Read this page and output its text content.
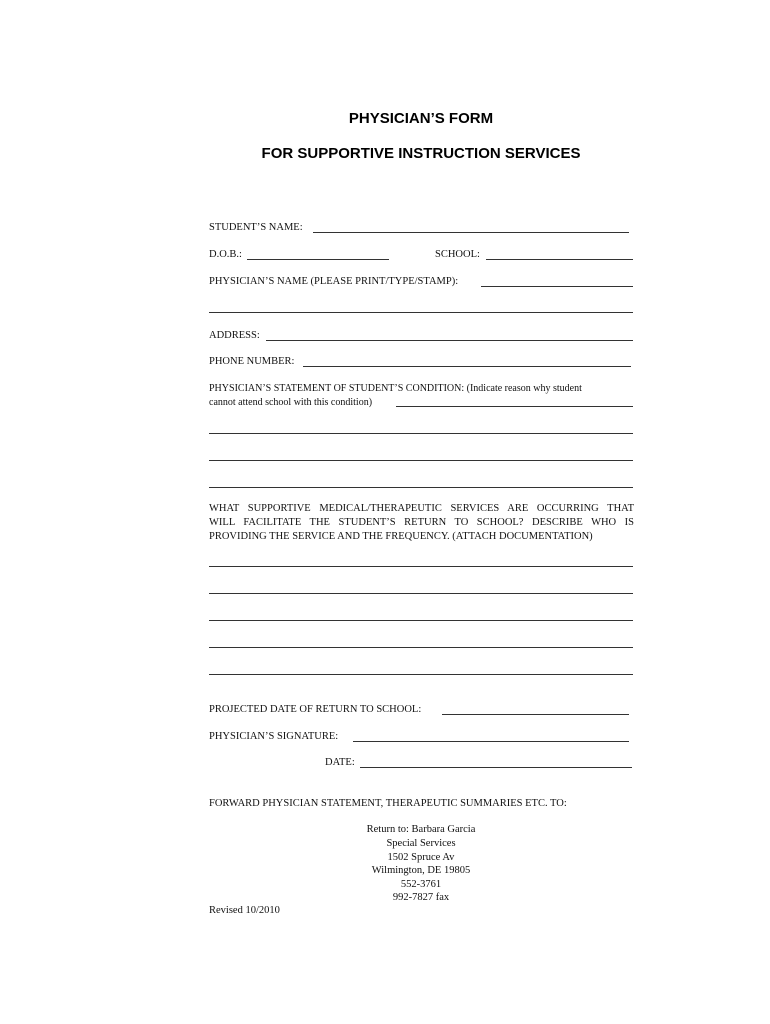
PHYSICIAN’S FORM
FOR SUPPORTIVE INSTRUCTION SERVICES
STUDENT’S NAME:
D.O.B.:	SCHOOL:
PHYSICIAN’S NAME (PLEASE PRINT/TYPE/STAMP):
ADDRESS:
PHONE NUMBER:
PHYSICIAN’S STATEMENT OF STUDENT’S CONDITION: (Indicate reason why student
cannot attend school with this condition)
WHAT SUPPORTIVE MEDICAL/THERAPEUTIC SERVICES ARE OCCURRING THAT
WILL FACILITATE THE STUDENT’S RETURN TO SCHOOL? DESCRIBE WHO IS
PROVIDING THE SERVICE AND THE FREQUENCY. (ATTACH DOCUMENTATION)
PROJECTED DATE OF RETURN TO SCHOOL:
PHYSICIAN’S SIGNATURE:
DATE:
FORWARD PHYSICIAN STATEMENT, THERAPEUTIC SUMMARIES ETC. TO:
Return to: Barbara Garcia
Special Services
1502 Spruce Av
Wilmington, DE 19805
552-3761
992-7827 fax
Revised 10/2010
